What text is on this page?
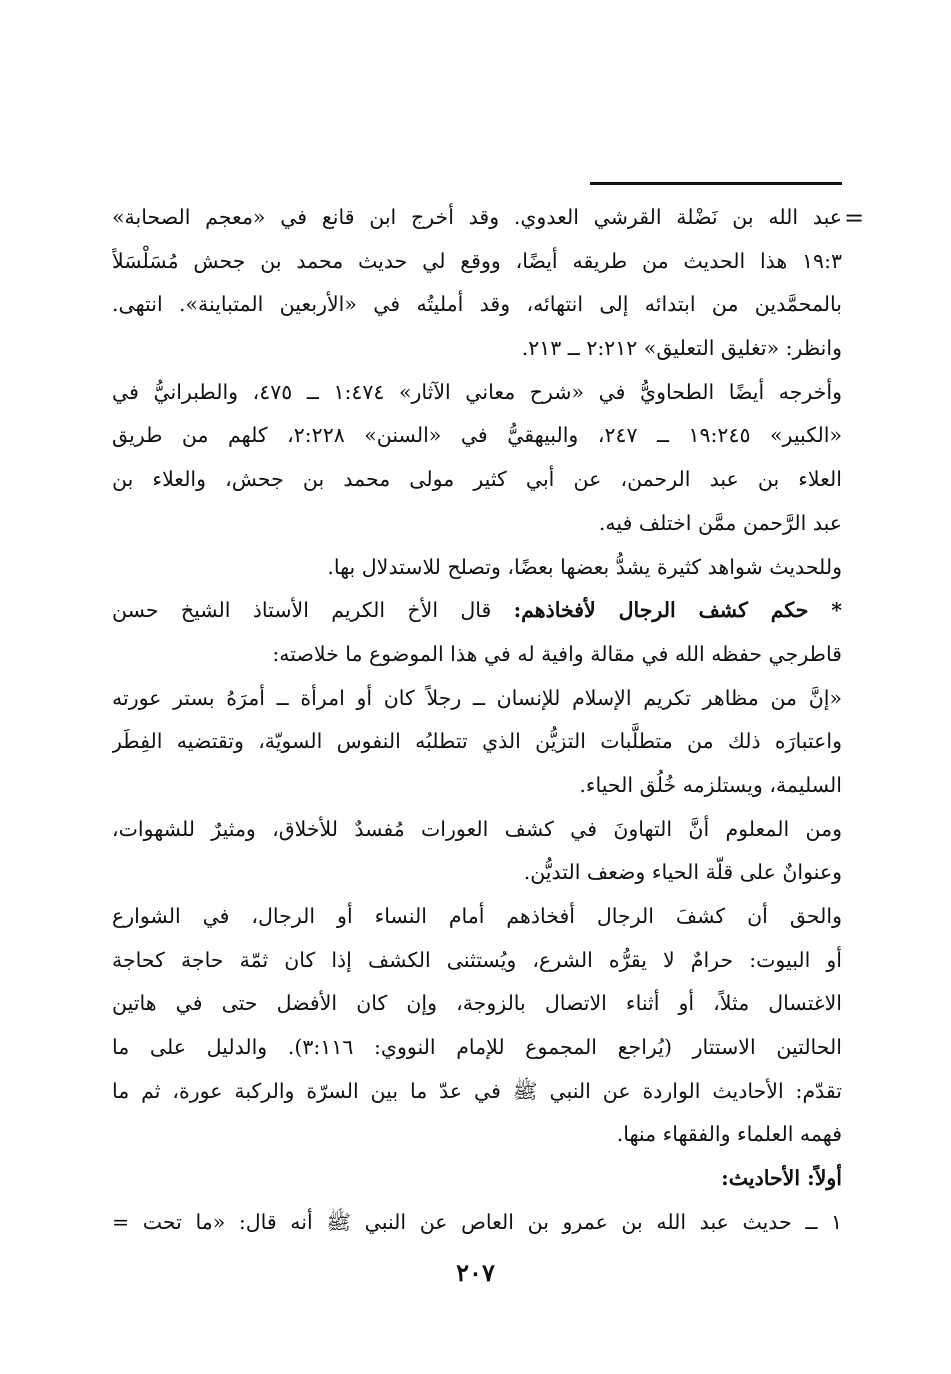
=
عبد الله بن نَضْلة القرشي العدوي. وقد أخرج ابن قانع في «معجم الصحابة»
١٩:٣ هذا الحديث من طريقه أيضًا، ووقع لي حديث محمد بن جحش مُسَلْسَلاً
بالمحمَّدين من ابتدائه إلى انتهائه، وقد أمليتُه في «الأربعين المتباينة». انتهى.
وانظر: «تغليق التعليق» ٢:٢١٢ ــ ٢١٣.
وأخرجه أيضًا الطحاويُّ في «شرح معاني الآثار» ١:٤٧٤ ــ ٤٧٥، والطبرانيُّ في
«الكبير» ١٩:٢٤٥ ــ ٢٤٧، والبيهقيُّ في «السنن» ٢:٢٢٨، كلهم من طريق
العلاء بن عبد الرحمن، عن أبي كثير مولى محمد بن جحش، والعلاء بن
عبد الرَّحمن ممَّن اختلف فيه.
وللحديث شواهد كثيرة يشدُّ بعضها بعضًا، وتصلح للاستدلال بها.
* حكم كشف الرجال لأفخاذهم: قال الأخ الكريم الأستاذ الشيخ حسن
قاطرجي حفظه الله في مقالة وافية له في هذا الموضوع ما خلاصته:
«إنَّ من مظاهر تكريم الإسلام للإنسان ــ رجلاً كان أو امرأة ــ أمرَهُ بستر عورته
واعتبارَه ذلك من متطلَّبات التزيُّن الذي تتطلبُه النفوس السويّة، وتقتضيه الفِطَر
السليمة، ويستلزمه خُلُق الحياء.
ومن المعلوم أنَّ التهاونَ في كشف العورات مُفسدٌ للأخلاق، ومثيرٌ للشهوات،
وعنوانٌ على قلّة الحياء وضعف التديُّن.
والحق أن كشفَ الرجال أفخاذهم أمام النساء أو الرجال، في الشوارع
أو البيوت: حرامٌ لا يقرُّه الشرع، ويُستثنى الكشف إذا كان ثمّة حاجة كحاجة
الاغتسال مثلاً، أو أثناء الاتصال بالزوجة، وإن كان الأفضل حتى في هاتين
الحالتين الاستتار (يُراجع المجموع للإمام النووي: ٣:١١٦). والدليل على ما
تقدّم: الأحاديث الواردة عن النبي ﷺ في عدّ ما بين السرّة والركبة عورة، ثم ما
فهمه العلماء والفقهاء منها.
أولاً: الأحاديث:
١ ــ حديث عبد الله بن عمرو بن العاص عن النبي ﷺ أنه قال: «ما تحت =
٢٠٧
